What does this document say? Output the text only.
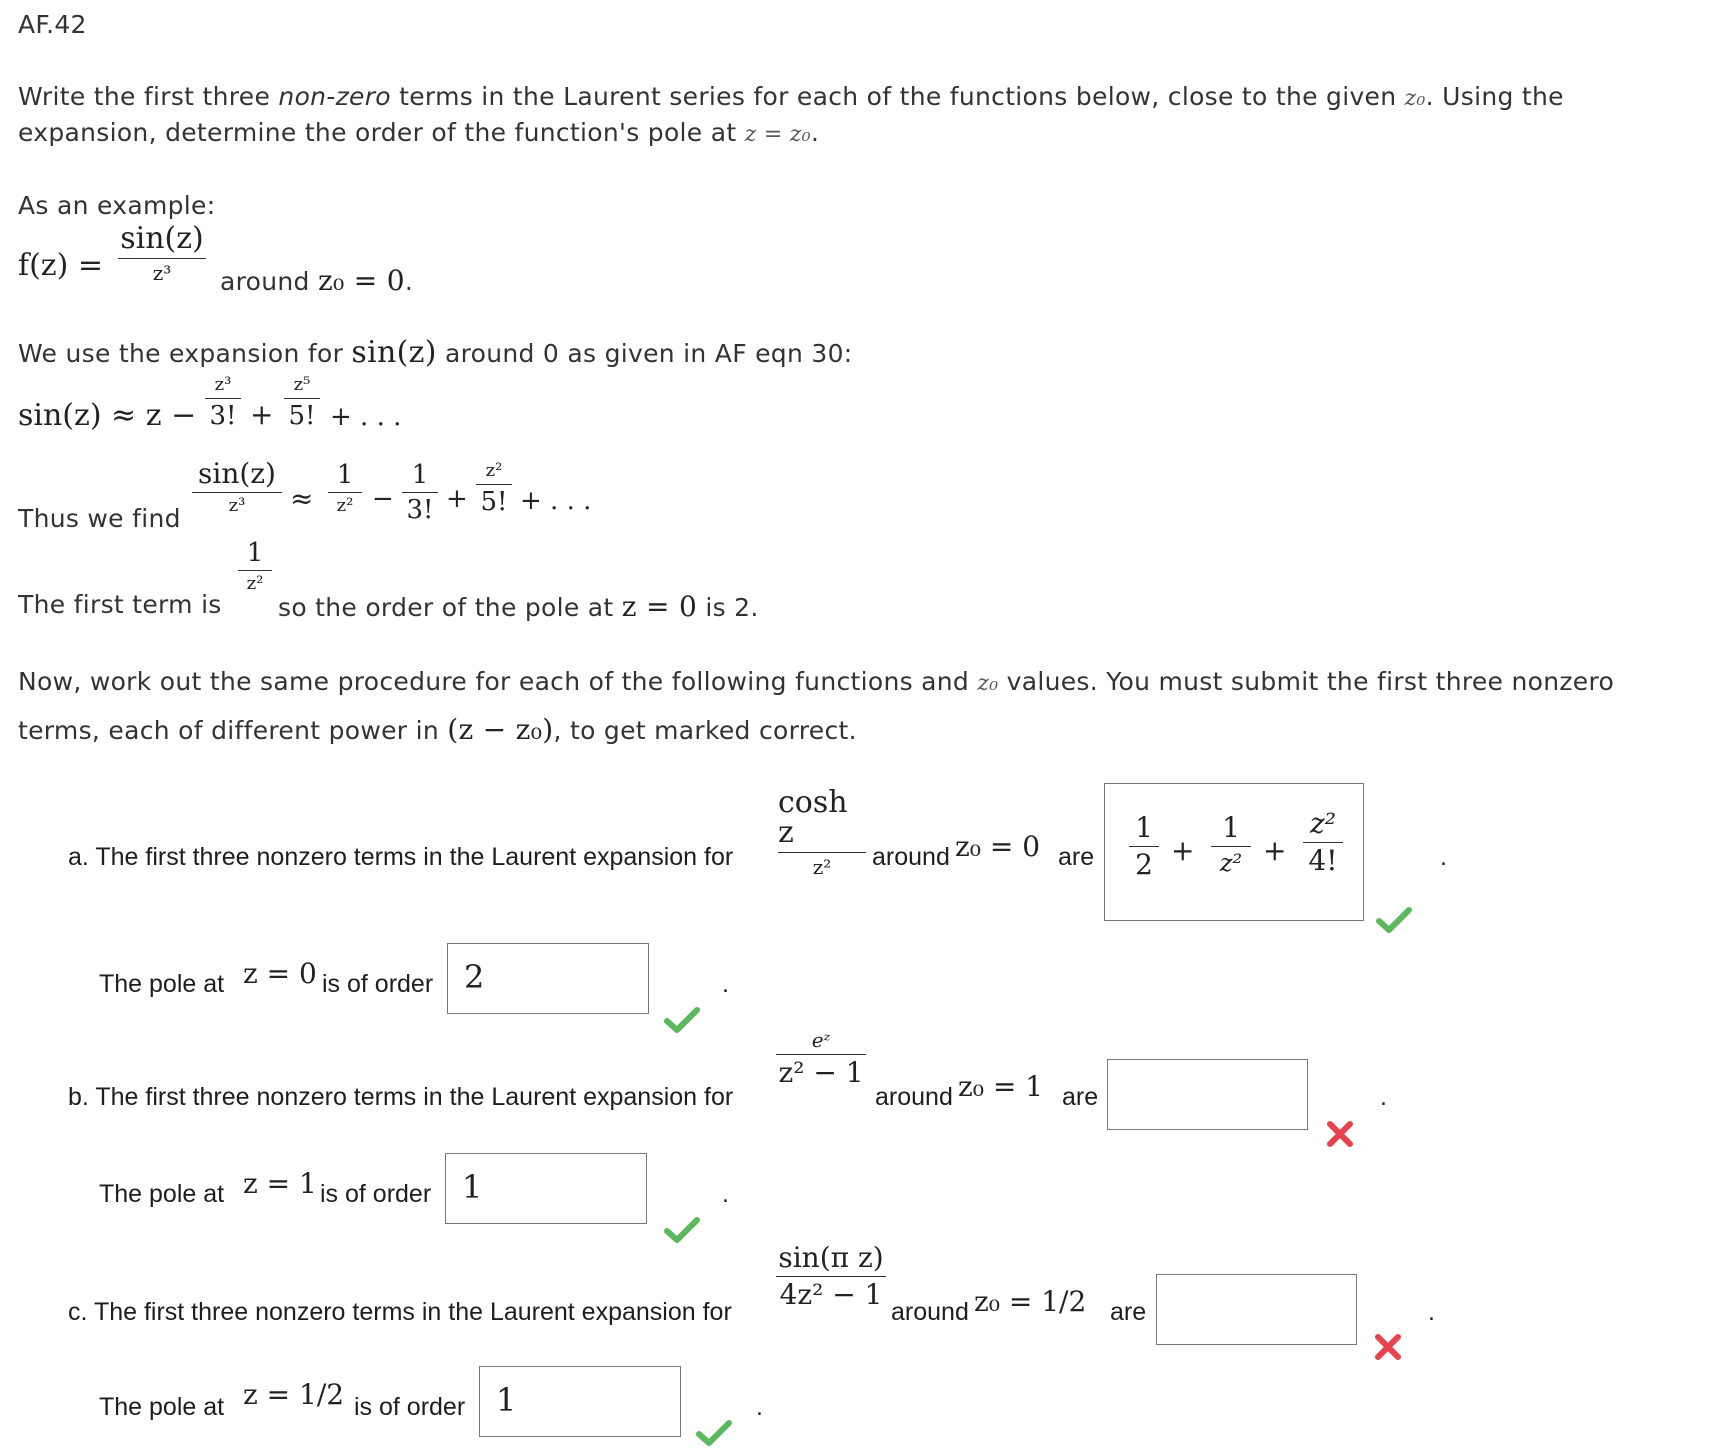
AF.42
Write the first three non-zero terms in the Laurent series for each of the functions below, close to the given z₀. Using the
expansion, determine the order of the function's pole at z = z₀.
As an example:
f(z) =
sin(z)
z³ around z₀ = 0.
We use the expansion for sin(z) around 0 as given in AF eqn 30:
sin(z) ≈ z −
z³
3! +
z⁵
5! + . . .
Thus we find
sin(z)
z³ ≈
1
z² −
1
3! +
z²
5! + . . .
The first term is
1
z²
so the order of the pole at z = 0 is 2.
Now, work out the same procedure for each of the following functions and z₀ values. You must submit the first three nonzero
terms, each of different power in (z − z₀), to get marked correct.
a. The first three nonzero terms in the Laurent expansion for
cosh z
z² around z₀ = 0 are
1
2 +
1
z² +
z²
4!	.
The pole at z = 0 is of order 2	.
b. The first three nonzero terms in the Laurent expansion for
eᶻ
z² − 1
around z₀ = 1 are	.
The pole at z = 1 is of order 1	.
c. The first three nonzero terms in the Laurent expansion for
sin(π z)
4z² − 1
around z₀ = 1/2 are	.
The pole at z = 1/2 is of order 1	.
